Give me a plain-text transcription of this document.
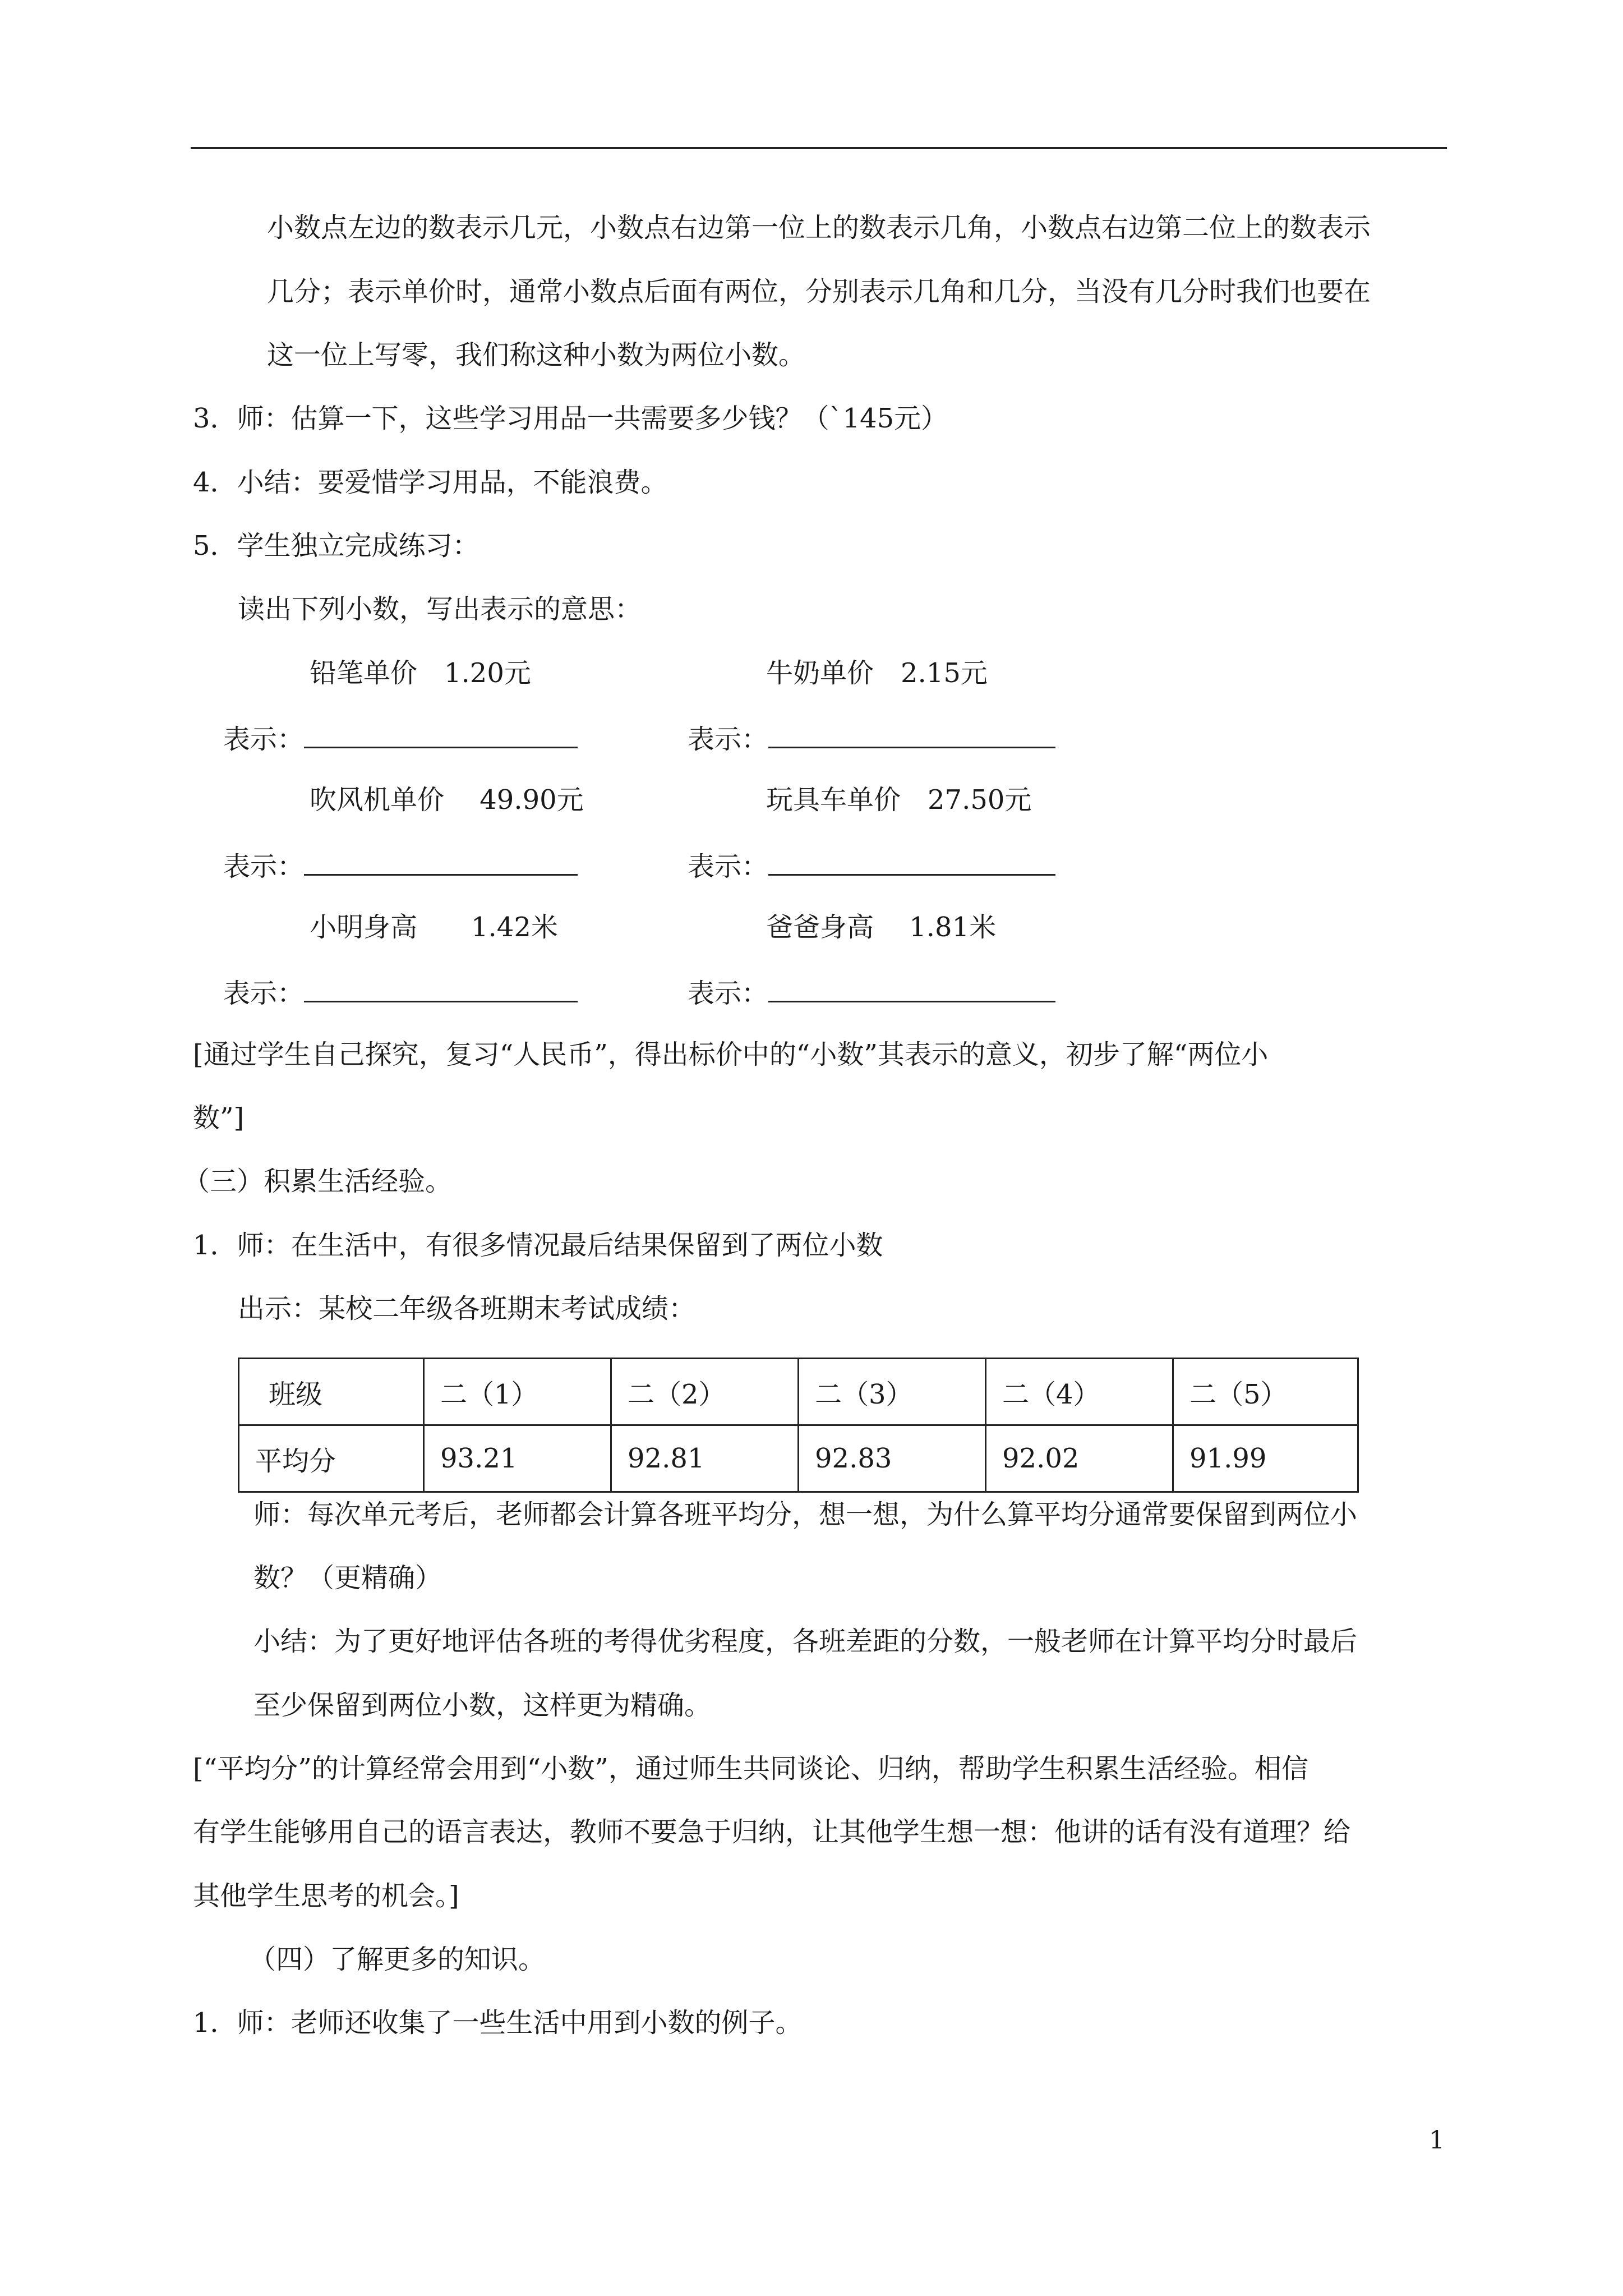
小数点左边的数表示几元，小数点右边第一位上的数表示几角，小数点右边第二位上的数表示
几分；表示单价时，通常小数点后面有两位，分别表示几角和几分，当没有几分时我们也要在
这一位上写零，我们称这种小数为两位小数。
3．师：估算一下，这些学习用品一共需要多少钱？（`145元）
4．小结：要爱惜学习用品，不能浪费。
5．学生独立完成练习：
读出下列小数，写出表示的意思：
铅笔单价　1.20元	牛奶单价　2.15元
表示：	表示：
吹风机单价　 49.90元	玩具车单价　27.50元
表示：	表示：
小明身高　　1.42米	爸爸身高　 1.81米
表示：	表示：
[通过学生自己探究，复习“人民币”，得出标价中的“小数”其表示的意义，初步了解“两位小
数”]
（三）积累生活经验。
1．师：在生活中，有很多情况最后结果保留到了两位小数
出示：某校二年级各班期末考试成绩：
班级	二（1）	二（2）	二（3）	二（4）	二（5）
平均分	93.21	92.81	92.83	92.02	91.99
师：每次单元考后，老师都会计算各班平均分，想一想，为什么算平均分通常要保留到两位小
数？（更精确）
小结：为了更好地评估各班的考得优劣程度，各班差距的分数，一般老师在计算平均分时最后
至少保留到两位小数，这样更为精确。
[“平均分”的计算经常会用到“小数”，通过师生共同谈论、归纳，帮助学生积累生活经验。相信
有学生能够用自己的语言表达，教师不要急于归纳，让其他学生想一想：他讲的话有没有道理？给
其他学生思考的机会。]
（四）了解更多的知识。
1．师：老师还收集了一些生活中用到小数的例子。
1
